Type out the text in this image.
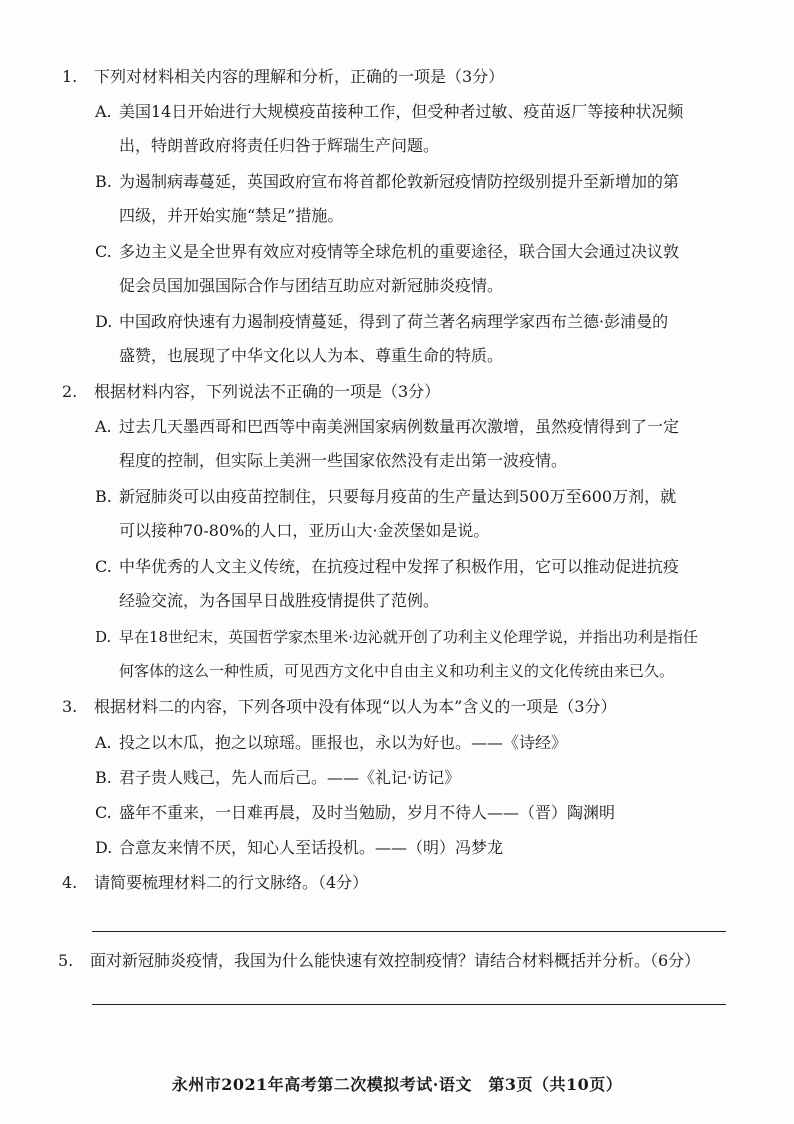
1. 下列对材料相关内容的理解和分析，正确的一项是（3分）
A. 美国14日开始进行大规模疫苗接种工作，但受种者过敏、疫苗返厂等接种状况频
出，特朗普政府将责任归咎于辉瑞生产问题。
B. 为遏制病毒蔓延，英国政府宣布将首都伦敦新冠疫情防控级别提升至新增加的第
四级，并开始实施“禁足”措施。
C. 多边主义是全世界有效应对疫情等全球危机的重要途径，联合国大会通过决议敦
促会员国加强国际合作与团结互助应对新冠肺炎疫情。
D. 中国政府快速有力遏制疫情蔓延，得到了荷兰著名病理学家西布兰德·彭浦曼的
盛赞，也展现了中华文化以人为本、尊重生命的特质。
2. 根据材料内容，下列说法不正确的一项是（3分）
A. 过去几天墨西哥和巴西等中南美洲国家病例数量再次激增，虽然疫情得到了一定
程度的控制，但实际上美洲一些国家依然没有走出第一波疫情。
B. 新冠肺炎可以由疫苗控制住，只要每月疫苗的生产量达到500万至600万剂，就
可以接种70-80%的人口，亚历山大·金茨堡如是说。
C. 中华优秀的人文主义传统，在抗疫过程中发挥了积极作用，它可以推动促进抗疫
经验交流，为各国早日战胜疫情提供了范例。
D. 早在18世纪末，英国哲学家杰里米·边沁就开创了功利主义伦理学说，并指出功利是指任
何客体的这么一种性质，可见西方文化中自由主义和功利主义的文化传统由来已久。
3. 根据材料二的内容，下列各项中没有体现“以人为本”含义的一项是（3分）
A. 投之以木瓜，抱之以琼瑶。匪报也，永以为好也。——《诗经》
B. 君子贵人贱己，先人而后己。——《礼记·访记》
C. 盛年不重来，一日难再晨，及时当勉励，岁月不待人——（晋）陶渊明
D. 合意友来情不厌，知心人至话投机。——（明）冯梦龙
4. 请简要梳理材料二的行文脉络。（4分）
5. 面对新冠肺炎疫情，我国为什么能快速有效控制疫情？请结合材料概括并分析。（6分）
永州市2021年高考第二次模拟考试·语文　第3页（共10页）
